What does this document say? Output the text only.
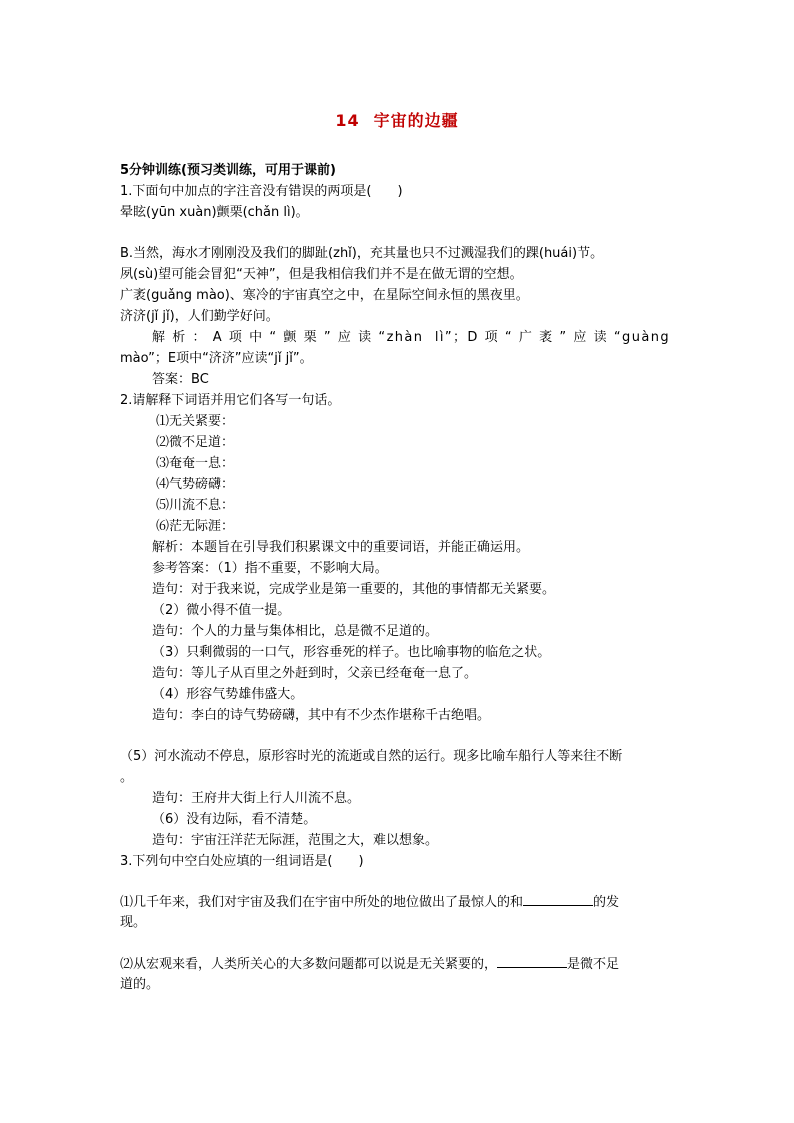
14 宇宙的边疆
5分钟训练(预习类训练，可用于课前)
1.下面句中加点的字注音没有错误的两项是(　　)
晕眩(yūn xuàn)颤栗(chǎn lì)。
B.当然，海水才刚刚没及我们的脚趾(zhǐ)，充其量也只不过溅湿我们的踝(huái)节。
夙(sù)望可能会冒犯“天神”，但是我相信我们并不是在做无谓的空想。
广袤(guǎng mào)、寒冷的宇宙真空之中，在星际空间永恒的黑夜里。
济济(jǐ jǐ)，人们勤学好问。
解析：A项中“颤栗”应读“zhàn lì”；D项“广袤”应读“guàng
mào”；E项中“济济”应读“jǐ jǐ”。
答案：BC
2.请解释下词语并用它们各写一句话。
⑴无关紧要：
⑵微不足道：
⑶奄奄一息：
⑷气势磅礴：
⑸川流不息：
⑹茫无际涯：
解析：本题旨在引导我们积累课文中的重要词语，并能正确运用。
参考答案：（1）指不重要，不影响大局。
造句：对于我来说，完成学业是第一重要的，其他的事情都无关紧要。
（2）微小得不值一提。
造句：个人的力量与集体相比，总是微不足道的。
（3）只剩微弱的一口气，形容垂死的样子。也比喻事物的临危之状。
造句：等儿子从百里之外赶到时，父亲已经奄奄一息了。
（4）形容气势雄伟盛大。
造句：李白的诗气势磅礴，其中有不少杰作堪称千古绝唱。
（5）河水流动不停息，原形容时光的流逝或自然的运行。现多比喻车船行人等来往不断
。
造句：王府井大街上行人川流不息。
（6）没有边际，看不清楚。
造句：宇宙汪洋茫无际涯，范围之大，难以想象。
3.下列句中空白处应填的一组词语是(　　)
⑴几千年来，我们对宇宙及我们在宇宙中所处的地位做出了最惊人的和	的发
现。
⑵从宏观来看，人类所关心的大多数问题都可以说是无关紧要的，	是微不足
道的。
